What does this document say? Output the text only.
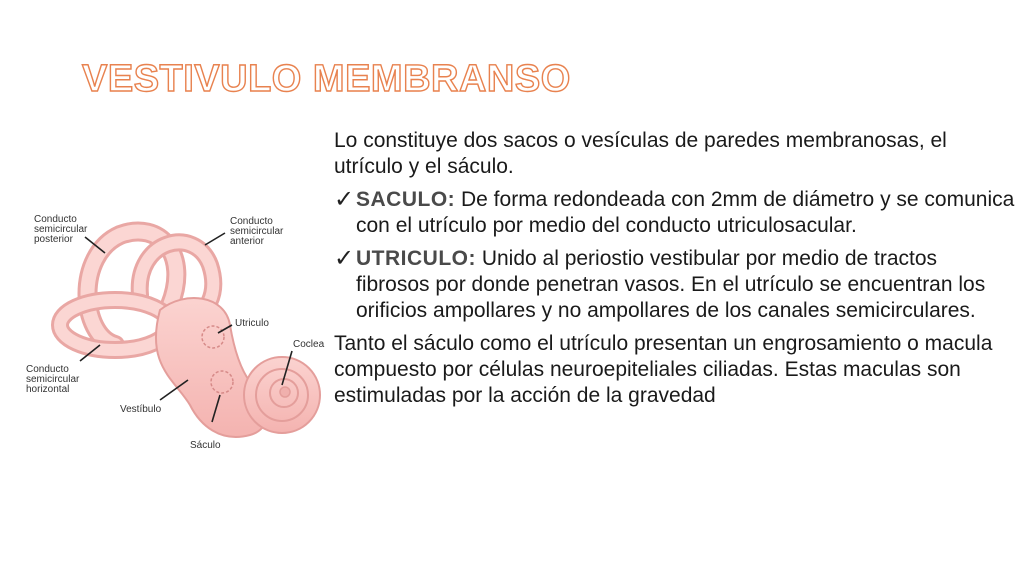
VESTIVULO MEMBRANSO
Conducto
semicircular
posterior
Conducto
semicircular
anterior
Conducto
semicircular
horizontal
Utriculo
Coclea
Vestíbulo
Sáculo

Lo constituye dos sacos o vesículas de paredes membranosas, el utrículo y el sáculo.

✓ SACULO: De forma redondeada con 2mm de diámetro y se comunica con el utrículo por medio del conducto utriculosacular.
✓ UTRICULO: Unido al periostio vestibular por medio de tractos fibrosos por donde penetran vasos. En el utrículo se encuentran los orificios ampollares y no ampollares de los canales semicirculares.

Tanto el sáculo como el utrículo presentan un engrosamiento o macula compuesto por células neuroepiteliales ciliadas. Estas maculas son estimuladas por la acción de la gravedad
